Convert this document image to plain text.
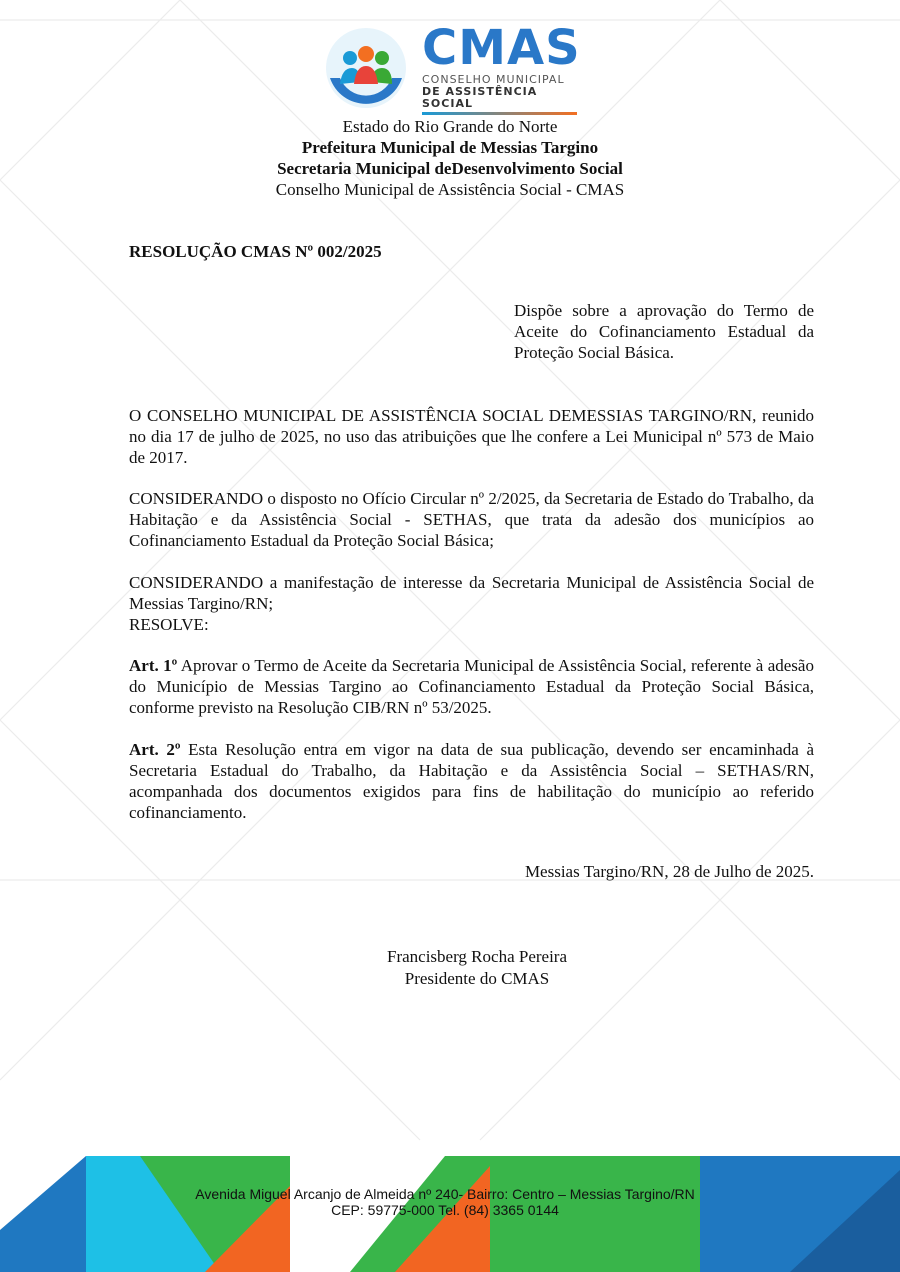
CMAS
CONSELHO MUNICIPAL
DE ASSISTÊNCIA SOCIAL
Estado do Rio Grande do Norte
Prefeitura Municipal de Messias Targino
Secretaria Municipal deDesenvolvimento Social
Conselho Municipal de Assistência Social - CMAS
RESOLUÇÃO CMAS Nº 002/2025
Dispõe sobre a aprovação do Termo de Aceite do Cofinanciamento Estadual da Proteção Social Básica.

O CONSELHO MUNICIPAL DE ASSISTÊNCIA SOCIAL DEMESSIAS TARGINO/RN, reunido no dia 17 de julho de 2025, no uso das atribuições que lhe confere a Lei Municipal nº 573 de Maio de 2017.

CONSIDERANDO o disposto no Ofício Circular nº 2/2025, da Secretaria de Estado do Trabalho, da Habitação e da Assistência Social - SETHAS, que trata da adesão dos municípios ao Cofinanciamento Estadual da Proteção Social Básica;

CONSIDERANDO a manifestação de interesse da Secretaria Municipal de Assistência Social de Messias Targino/RN;
RESOLVE:

Art. 1º Aprovar o Termo de Aceite da Secretaria Municipal de Assistência Social, referente à adesão do Município de Messias Targino ao Cofinanciamento Estadual da Proteção Social Básica, conforme previsto na Resolução CIB/RN nº 53/2025.

Art. 2º Esta Resolução entra em vigor na data de sua publicação, devendo ser encaminhada à Secretaria Estadual do Trabalho, da Habitação e da Assistência Social – SETHAS/RN, acompanhada dos documentos exigidos para fins de habilitação do município ao referido cofinanciamento.

Messias Targino/RN, 28 de Julho de 2025.
Francisberg Rocha Pereira
Presidente do CMAS
Avenida Miguel Arcanjo de Almeida nº 240- Bairro: Centro – Messias Targino/RN
CEP: 59775-000 Tel. (84) 3365 0144
